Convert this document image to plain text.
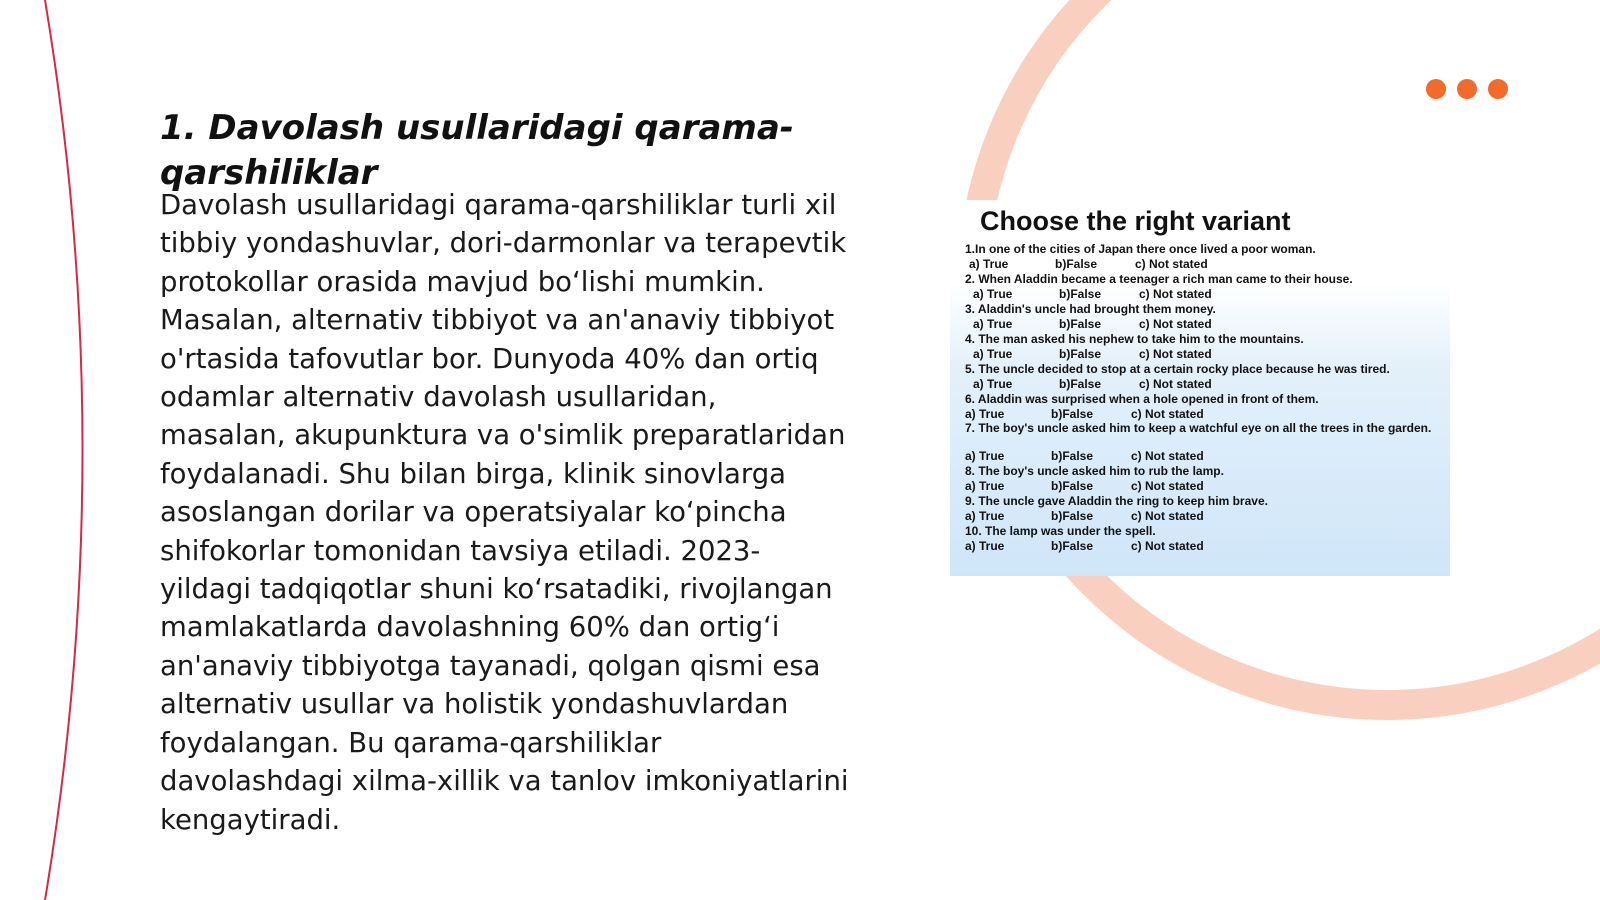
1. Davolash usullaridagi qarama-qarshiliklar

Davolash usullaridagi qarama-qarshiliklar turli xil tibbiy yondashuvlar, dori-darmonlar va terapevtik protokollar orasida mavjud boʻlishi mumkin. Masalan, alternativ tibbiyot va an'anaviy tibbiyot o'rtasida tafovutlar bor. Dunyoda 40% dan ortiq odamlar alternativ davolash usullaridan, masalan, akupunktura va o'simlik preparatlaridan foydalanadi. Shu bilan birga, klinik sinovlarga asoslangan dorilar va operatsiyalar koʻpincha shifokorlar tomonidan tavsiya etiladi. 2023-yildagi tadqiqotlar shuni koʻrsatadiki, rivojlangan mamlakatlarda davolashning 60% dan ortigʻi an'anaviy tibbiyotga tayanadi, qolgan qismi esa alternativ usullar va holistik yondashuvlardan foydalangan. Bu qarama-qarshiliklar davolashdagi xilma-xillik va tanlov imkoniyatlarini kengaytiradi.

Choose the right variant
1.In one of the cities of Japan there once lived a poor woman.
a) True	b)False	c) Not stated
2. When Aladdin became a teenager a rich man came to their house.
a) True	b)False	c) Not stated
3. Aladdin's uncle had brought them money.
a) True	b)False	c) Not stated
4. The man asked his nephew to take him to the mountains.
a) True	b)False	c) Not stated
5. The uncle decided to stop at a certain rocky place because he was tired.
a) True	b)False	c) Not stated
6. Aladdin was surprised when a hole opened in front of them.
a) True	b)False	c) Not stated
7. The boy's uncle asked him to keep a watchful eye on all the trees in the garden.
a) True	b)False	c) Not stated
8. The boy's uncle asked him to rub the lamp.
a) True	b)False	c) Not stated
9. The uncle gave Aladdin the ring to keep him brave.
a) True	b)False	c) Not stated
10. The lamp was under the spell.
a) True	b)False	c) Not stated
